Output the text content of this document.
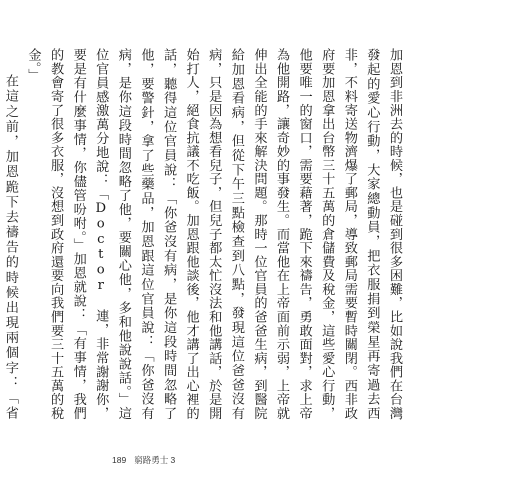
加恩到非洲去的時候，也是碰到很多困難，比如說我們在台灣發起的愛心行動，大家總動員，把衣服捐到榮星再寄過去西非，不料寄送物濟爆了郵局，導致郵局需要暫時關閉。西非政府要加恩拿出台幣三十五萬的倉儲費及稅金，這些愛心行動，他要唯一的窗口，需要藉著，跪下來禱告，勇敢面對，求上帝為他開路，讓奇妙的事發生。而當他在上帝面前示弱，上帝就伸出全能的手來解決問題。那時一位官員的爸爸生病，到醫院給加恩看病，但從下午三點檢查到八點，發現這位爸爸沒有病，只是因為想看兒子，但兒子都太忙沒法和他講話，於是開始打人，絕食抗議不吃飯。加恩跟他談後，他才講了出心裡的話，聽得這位官員說：「你爸沒有病，是你這段時間忽略了他，要警針，拿了些藥品，加恩跟這位官員說：「你爸沒有病，是你這段時間忽略了他，要關心他，多和他說說話。」這位官員感激萬分地說：「Doctor 連，非常謝謝你，要是有什麼事情，你儘管吩咐。」加恩就說：「有事情，我們的教會寄了很多衣服，沒想到政府還要向我們要三十五萬的稅金。」

在這之前，加恩跪下去禱告的時候出現兩個字：「省

189 窮路勇士 3
